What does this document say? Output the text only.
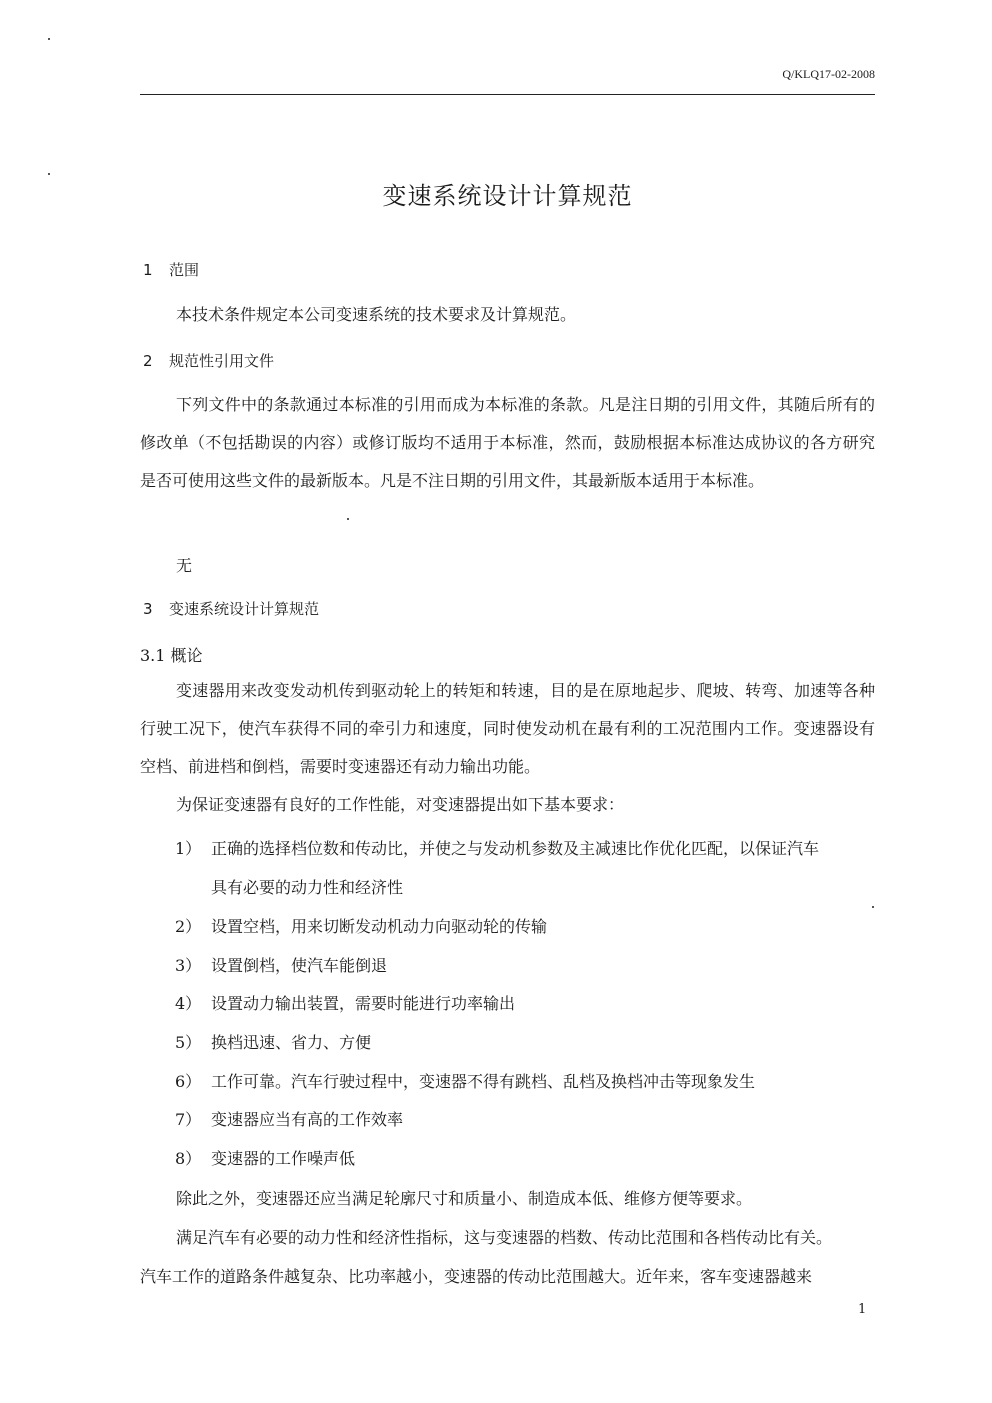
Q/KLQ17-02-2008
变速系统设计计算规范
1 范围

本技术条件规定本公司变速系统的技术要求及计算规范。

2 规范性引用文件

下列文件中的条款通过本标准的引用而成为本标准的条款。凡是注日期的引用文件，其随后所有的修改单（不包括勘误的内容）或修订版均不适用于本标准，然而，鼓励根据本标准达成协议的各方研究是否可使用这些文件的最新版本。凡是不注日期的引用文件，其最新版本适用于本标准。

无
3 变速系统设计计算规范
3.1 概论

变速器用来改变发动机传到驱动轮上的转矩和转速，目的是在原地起步、爬坡、转弯、加速等各种行驶工况下，使汽车获得不同的牵引力和速度，同时使发动机在最有利的工况范围内工作。变速器设有空档、前进档和倒档，需要时变速器还有动力输出功能。

为保证变速器有良好的工作性能，对变速器提出如下基本要求：

1） 正确的选择档位数和传动比，并使之与发动机参数及主减速比作优化匹配，以保证汽车
具有必要的动力性和经济性
2） 设置空档，用来切断发动机动力向驱动轮的传输
3） 设置倒档，使汽车能倒退
4） 设置动力输出装置，需要时能进行功率输出
5） 换档迅速、省力、方便
6） 工作可靠。汽车行驶过程中，变速器不得有跳档、乱档及换档冲击等现象发生
7） 变速器应当有高的工作效率
8） 变速器的工作噪声低
除此之外，变速器还应当满足轮廓尺寸和质量小、制造成本低、维修方便等要求。
满足汽车有必要的动力性和经济性指标，这与变速器的档数、传动比范围和各档传动比有关。
汽车工作的道路条件越复杂、比功率越小，变速器的传动比范围越大。近年来，客车变速器越来
1
